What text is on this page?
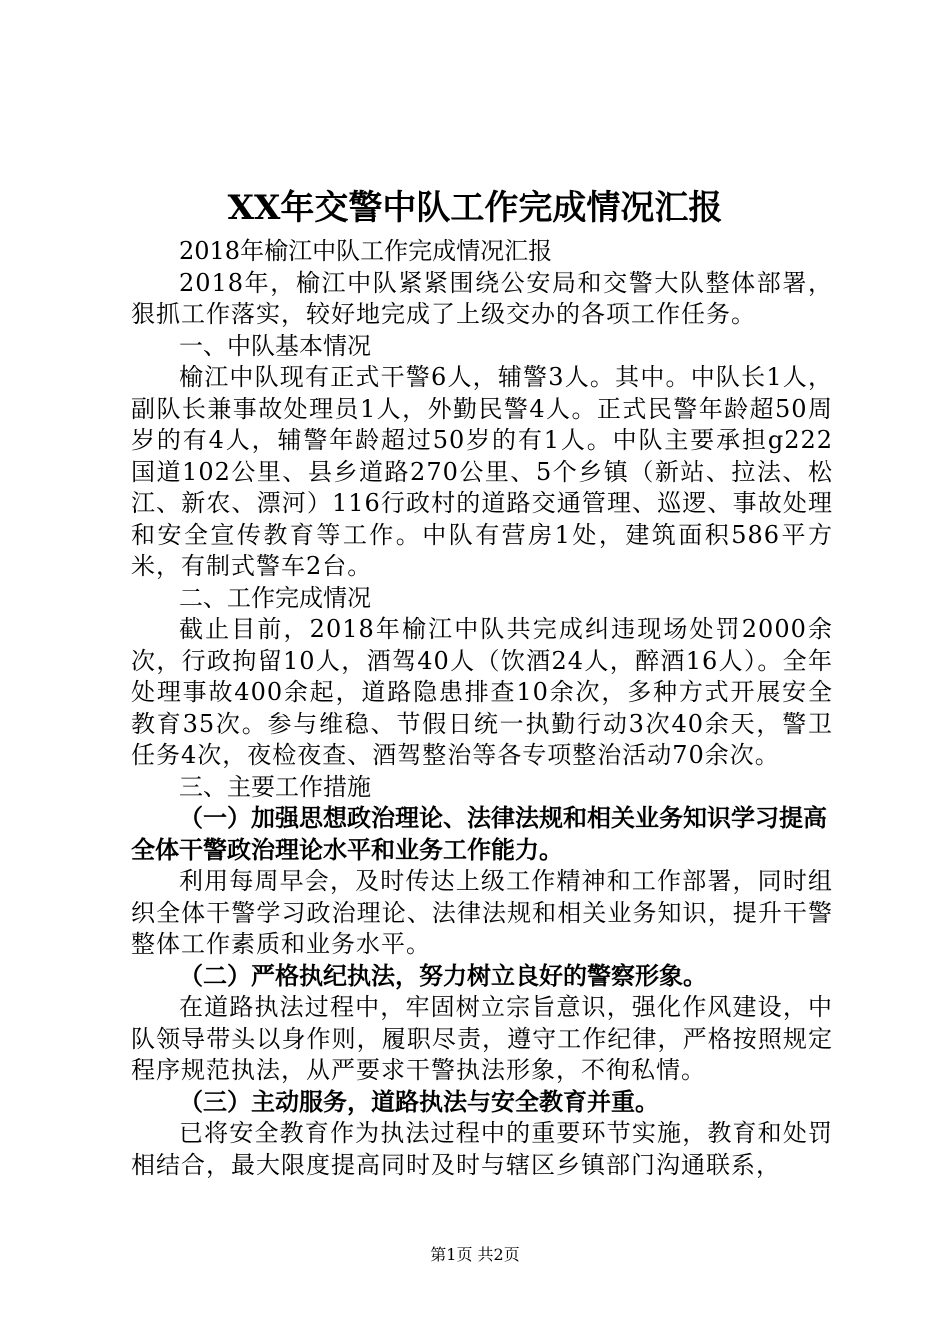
XX年交警中队工作完成情况汇报

2018年榆江中队工作完成情况汇报

2018年，榆江中队紧紧围绕公安局和交警大队整体部署，狠抓工作落实，较好地完成了上级交办的各项工作任务。

一、中队基本情况

榆江中队现有正式干警6人，辅警3人。其中。中队长1人，副队长兼事故处理员1人，外勤民警4人。正式民警年龄超50周岁的有4人，辅警年龄超过50岁的有1人。中队主要承担g222国道102公里、县乡道路270公里、5个乡镇（新站、拉法、松江、新农、漂河）116行政村的道路交通管理、巡逻、事故处理和安全宣传教育等工作。中队有营房1处，建筑面积586平方米，有制式警车2台。

二、工作完成情况

截止目前，2018年榆江中队共完成纠违现场处罚2000余次，行政拘留10人，酒驾40人（饮酒24人，醉酒16人）。全年处理事故400余起，道路隐患排查10余次，多种方式开展安全教育35次。参与维稳、节假日统一执勤行动3次40余天，警卫任务4次，夜检夜查、酒驾整治等各专项整治活动70余次。

三、主要工作措施

（一）加强思想政治理论、法律法规和相关业务知识学习提高全体干警政治理论水平和业务工作能力。

利用每周早会，及时传达上级工作精神和工作部署，同时组织全体干警学习政治理论、法律法规和相关业务知识，提升干警整体工作素质和业务水平。

（二）严格执纪执法，努力树立良好的警察形象。

在道路执法过程中，牢固树立宗旨意识，强化作风建设，中队领导带头以身作则，履职尽责，遵守工作纪律，严格按照规定程序规范执法，从严要求干警执法形象，不徇私情。

（三）主动服务，道路执法与安全教育并重。

已将安全教育作为执法过程中的重要环节实施，教育和处罚相结合，最大限度提高同时及时与辖区乡镇部门沟通联系，

第1页 共2页
